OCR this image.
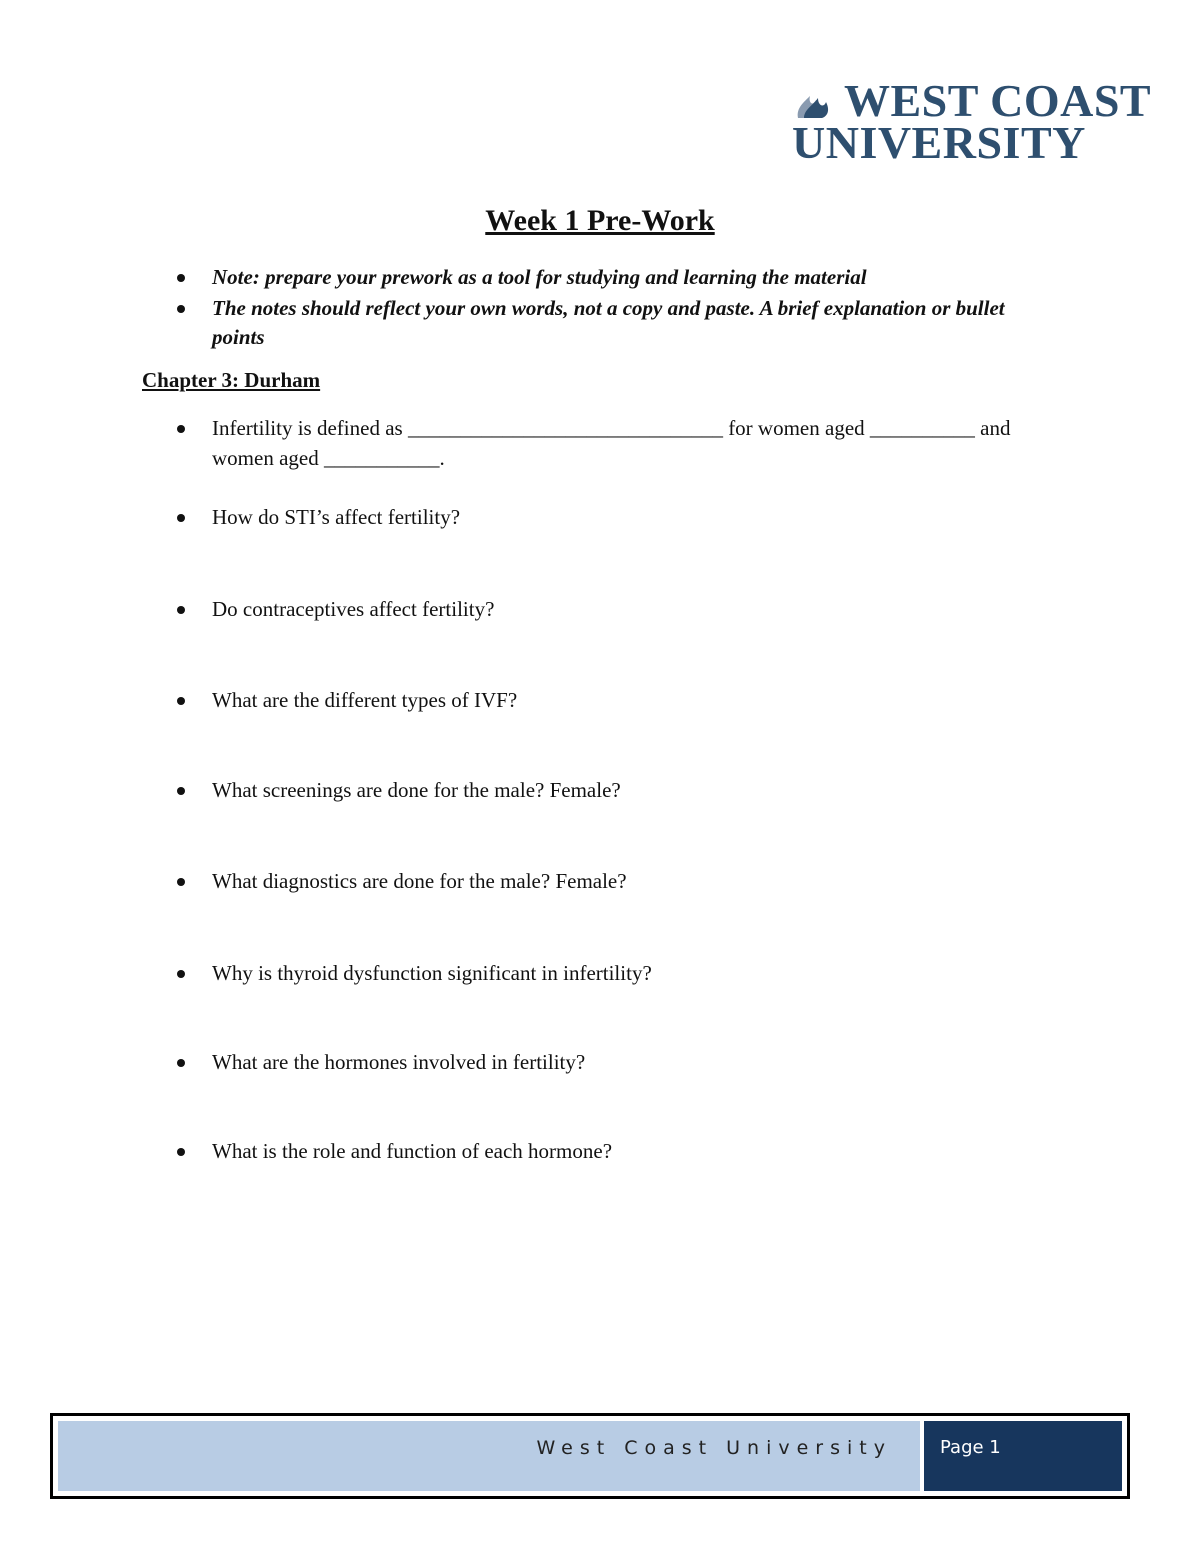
WEST COAST

UNIVERSITY

Week 1 Pre-Work

Note: prepare your prework as a tool for studying and learning the material

The notes should reflect your own words, not a copy and paste. A brief explanation or bullet points

Chapter 3: Durham

Infertility is defined as ______________________________ for women aged __________ and women aged ___________.

How do STI’s affect fertility?

Do contraceptives affect fertility?

What are the different types of IVF?

What screenings are done for the male? Female?

What diagnostics are done for the male? Female?

Why is thyroid dysfunction significant in infertility?

What are the hormones involved in fertility?

What is the role and function of each hormone?

West Coast University	Page 1
